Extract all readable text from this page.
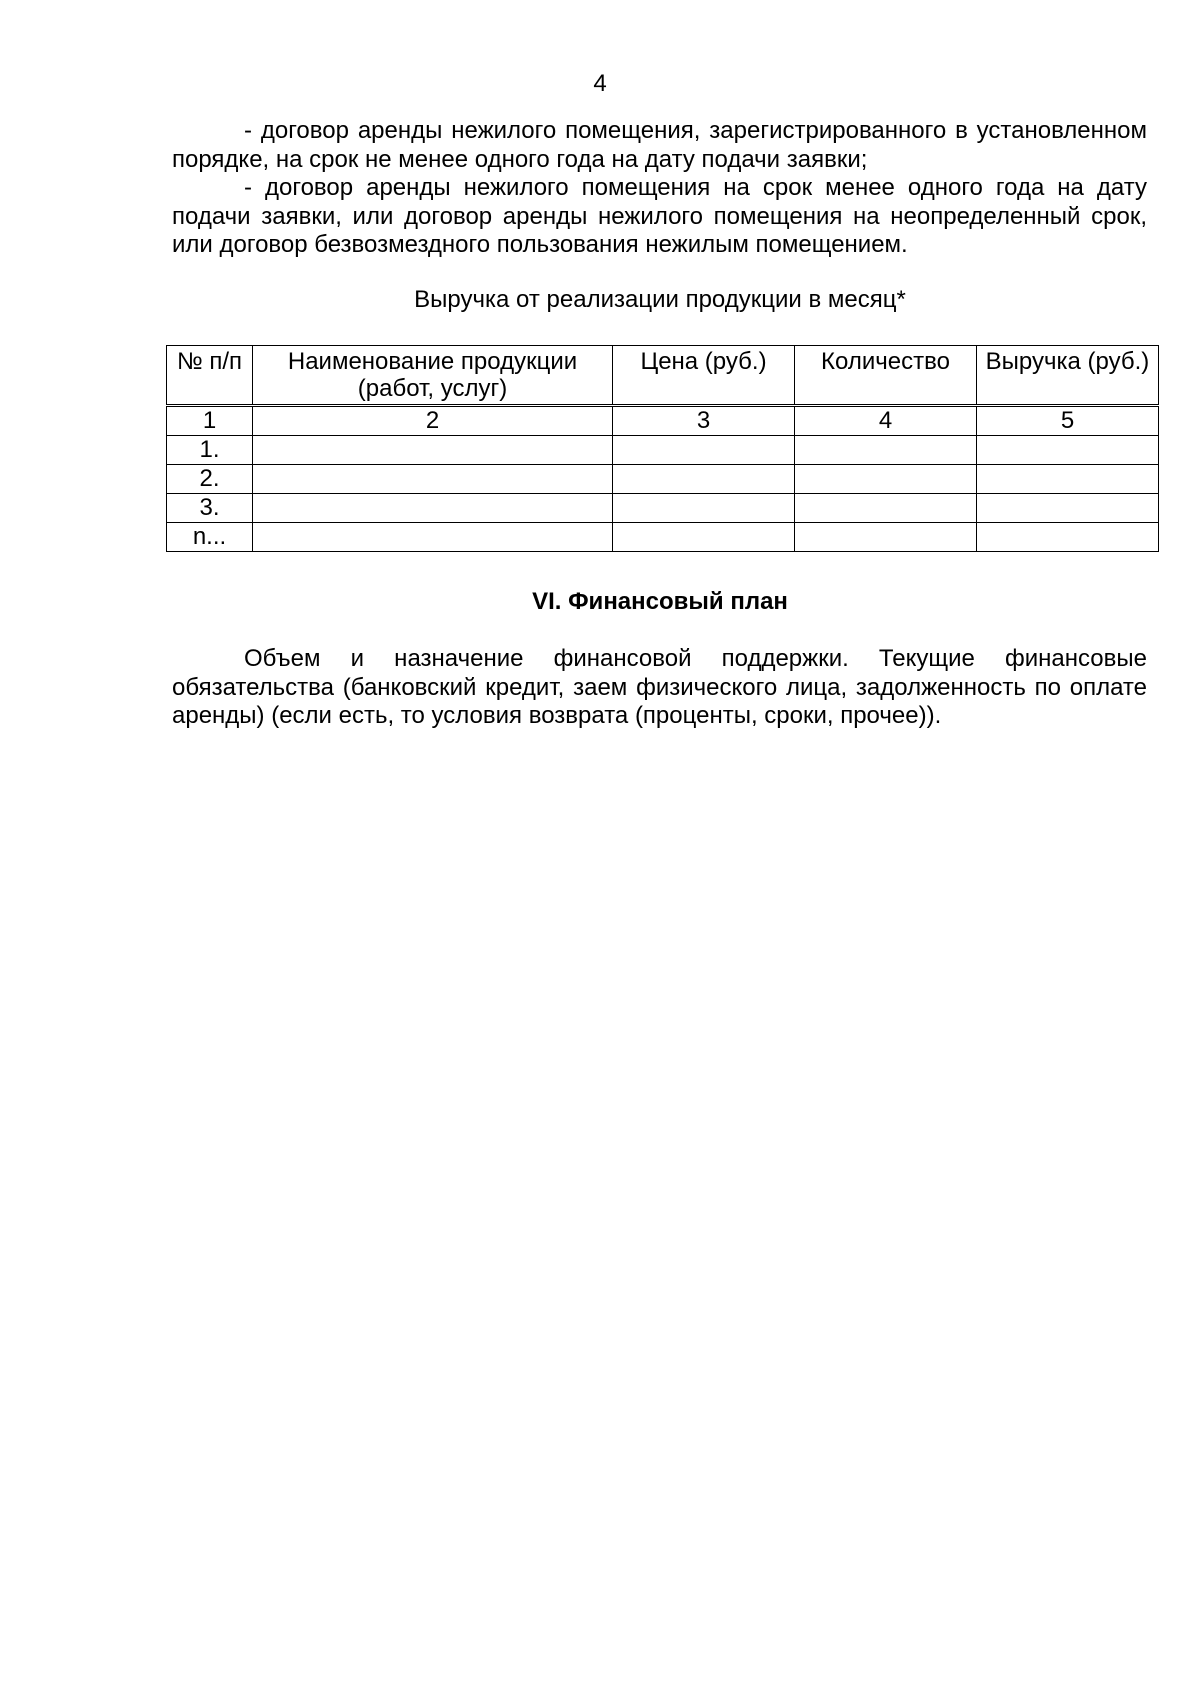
4

- договор аренды нежилого помещения, зарегистрированного в установленном порядке, на срок не менее одного года на дату подачи заявки;

- договор аренды нежилого помещения на срок менее одного года на дату подачи заявки, или договор аренды нежилого помещения на неопределенный срок, или договор безвозмездного пользования нежилым помещением.

Выручка от реализации продукции в месяц*
№ п/п	Наименование продукции (работ, услуг)	Цена (руб.)	Количество	Выручка (руб.)
1	2	3	4	5
1.				
2.				
3.				
n...				
VI. Финансовый план

Объем и назначение финансовой поддержки. Текущие финансовые обязательства (банковский кредит, заем физического лица, задолженность по оплате аренды) (если есть, то условия возврата (проценты, сроки, прочее)).
